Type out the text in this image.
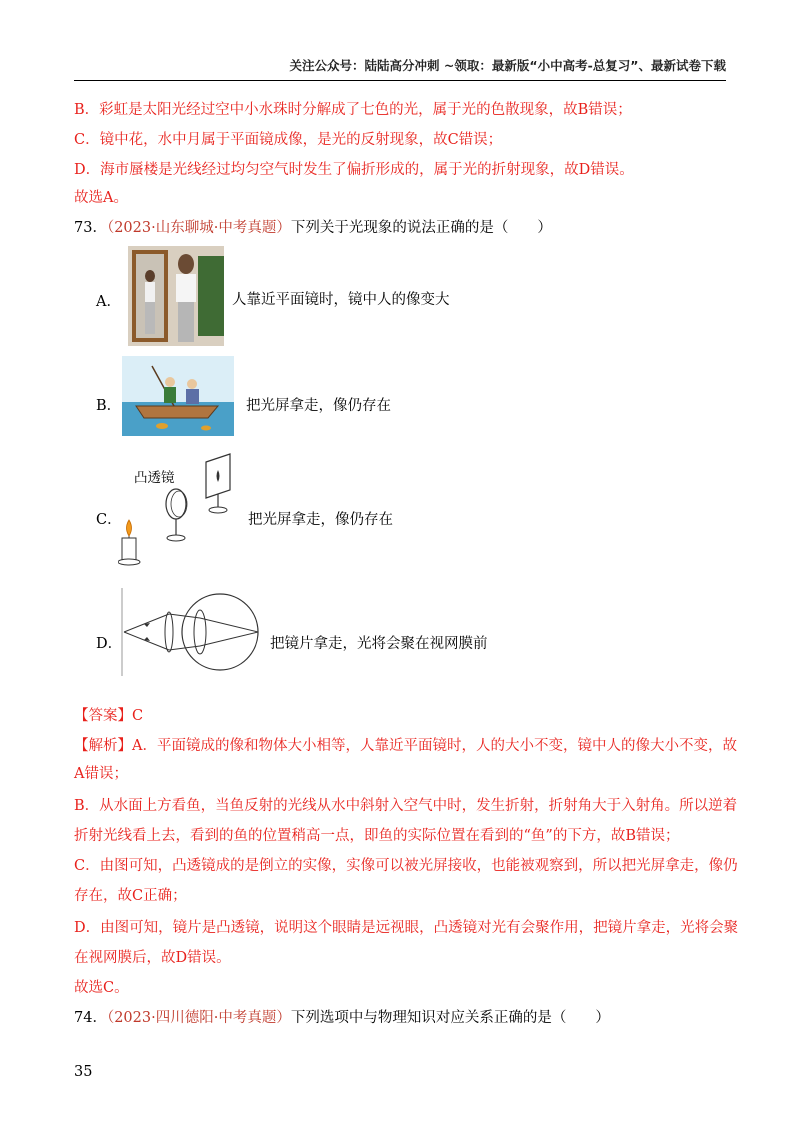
关注公众号：陆陆高分冲刺 ~领取：最新版“小中高考-总复习”、最新试卷下载
B．彩虹是太阳光经过空中小水珠时分解成了七色的光，属于光的色散现象，故B错误；
C．镜中花，水中月属于平面镜成像，是光的反射现象，故C错误；
D．海市蜃楼是光线经过均匀空气时发生了偏折形成的，属于光的折射现象，故D错误。
故选A。
73．（2023·山东聊城·中考真题）下列关于光现象的说法正确的是（　　）
A．	人靠近平面镜时，镜中人的像变大
B．	把光屏拿走，像仍存在
C．
凸透镜
把光屏拿走，像仍存在
D．	把镜片拿走，光将会聚在视网膜前
【答案】C
【解析】A．平面镜成的像和物体大小相等，人靠近平面镜时，人的大小不变，镜中人的像大小不变，故
A错误；
B．从水面上方看鱼，当鱼反射的光线从水中斜射入空气中时，发生折射，折射角大于入射角。所以逆着
折射光线看上去，看到的鱼的位置稍高一点，即鱼的实际位置在看到的“鱼”的下方，故B错误；
C．由图可知，凸透镜成的是倒立的实像，实像可以被光屏接收，也能被观察到，所以把光屏拿走，像仍
存在，故C正确；
D．由图可知，镜片是凸透镜，说明这个眼睛是远视眼，凸透镜对光有会聚作用，把镜片拿走，光将会聚
在视网膜后，故D错误。
故选C。
74．（2023·四川德阳·中考真题）下列选项中与物理知识对应关系正确的是（　　）
35
